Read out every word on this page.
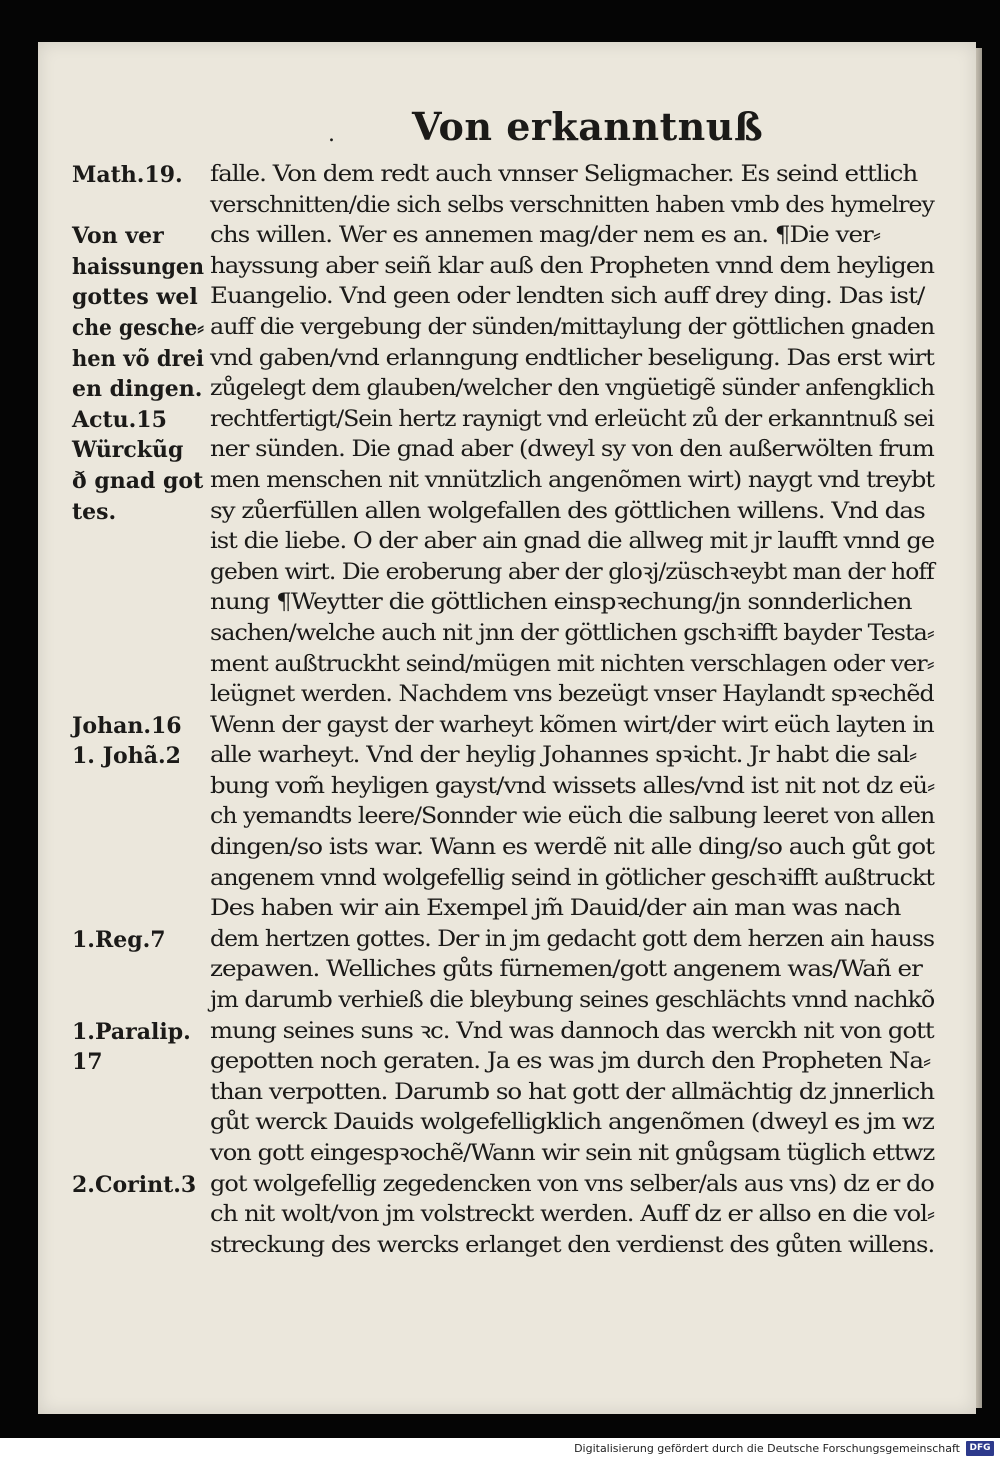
. Von erkanntnuß
Math.19.
Von ver
haissungen
gottes wel
che gesche⸗
hen võ drei
en dingen.
Actu.15
Würckũg
ð gnad got
tes.
Johan.16
1. Johã.2
1.Reg.7
1.Paralip.
17
2.Corint.3
falle. Von dem redt auch vnnser Seligmacher. Es seind ettlich
verschnitten/die sich selbs verschnitten haben vmb des hymelrey
chs willen. Wer es annemen mag/der nem es an. ¶Die ver⸗
hayssung aber seiñ klar auß den Propheten vnnd dem heyligen
Euangelio. Vnd geen oder lendten sich auff drey ding. Das ist/
auff die vergebung der sünden/mittaylung der göttlichen gnaden
vnd gaben/vnd erlanngung endtlicher beseligung. Das erst wirt
zůgelegt dem glauben/welcher den vngüetigẽ sünder anfengklich
rechtfertigt/Sein hertz raynigt vnd erleücht zů der erkanntnuß sei
ner sünden. Die gnad aber (dweyl sy von den außerwölten frum
men menschen nit vnnützlich angenõmen wirt) naygt vnd treybt
sy zůerfüllen allen wolgefallen des göttlichen willens. Vnd das
ist die liebe. O der aber ain gnad die allweg mit jr laufft vnnd ge
geben wirt. Die eroberung aber der gloꝛj/züschꝛeybt man der hoff
nung ¶Weytter die göttlichen einspꝛechung/jn sonnderlichen
sachen/welche auch nit jnn der göttlichen gschꝛifft bayder Testa⸗
ment außtruckht seind/mügen mit nichten verschlagen oder ver⸗
leügnet werden. Nachdem vns bezeügt vnser Haylandt spꝛechẽd
Wenn der gayst der warheyt kõmen wirt/der wirt eüch layten in
alle warheyt. Vnd der heylig Johannes spꝛicht. Jr habt die sal⸗
bung vom̃ heyligen gayst/vnd wissets alles/vnd ist nit not dz eü⸗
ch yemandts leere/Sonnder wie eüch die salbung leeret von allen
dingen/so ists war. Wann es werdẽ nit alle ding/so auch gůt got
angenem vnnd wolgefellig seind in götlicher geschꝛifft außtruckt
Des haben wir ain Exempel jm̃ Dauid/der ain man was nach
dem hertzen gottes. Der in jm gedacht gott dem herzen ain hauss
zepawen. Welliches gůts fürnemen/gott angenem was/Wañ er
jm darumb verhieß die bleybung seines geschlächts vnnd nachkõ
mung seines suns ꝛc. Vnd was dannoch das werckh nit von gott
gepotten noch geraten. Ja es was jm durch den Propheten Na⸗
than verpotten. Darumb so hat gott der allmächtig dz jnnerlich
gůt werck Dauids wolgefelligklich angenõmen (dweyl es jm wz
von gott eingespꝛochẽ/Wann wir sein nit gnůgsam tüglich ettwz
got wolgefellig zegedencken von vns selber/als aus vns) dz er do
ch nit wolt/von jm volstreckt werden. Auff dz er allso en die vol⸗
streckung des wercks erlanget den verdienst des gůten willens.
Digitalisierung gefördert durch die Deutsche Forschungsgemeinschaft	DFG
